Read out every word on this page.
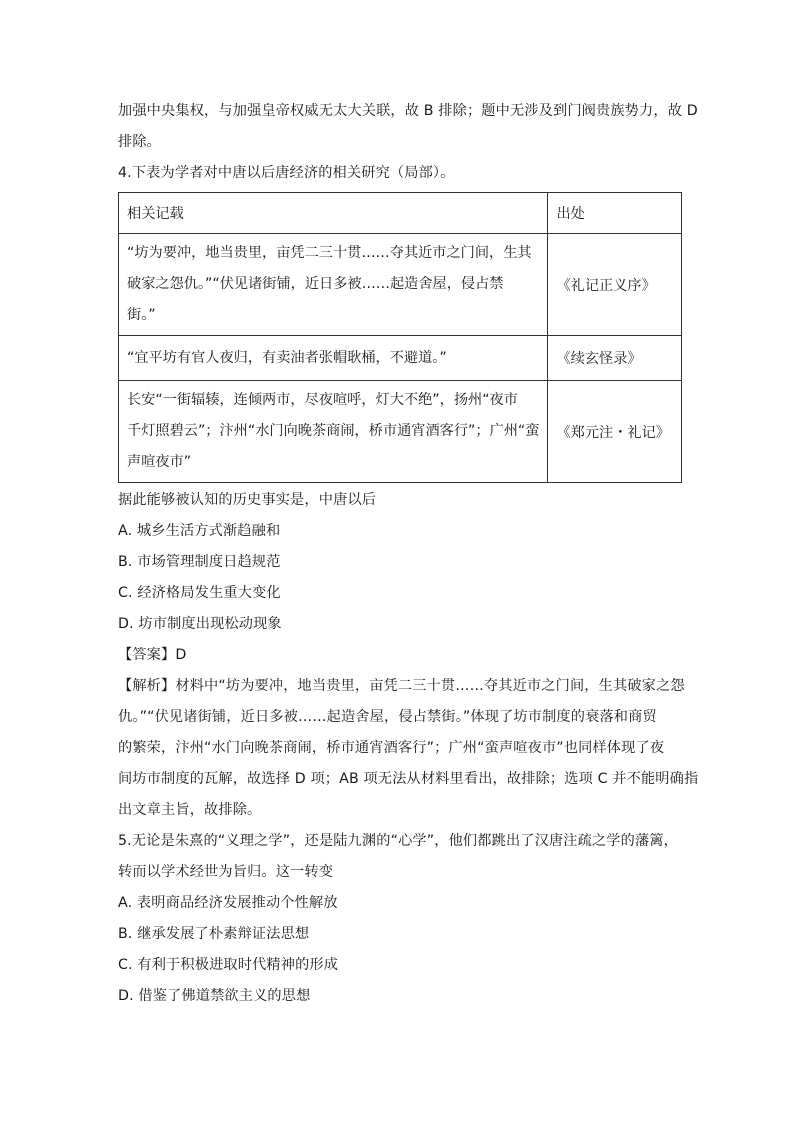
加强中央集权，与加强皇帝权威无太大关联，故 B 排除；题中无涉及到门阀贵族势力，故 D
排除。
4.下表为学者对中唐以后唐经济的相关研究（局部）。
相关记载	出处

“坊为要冲，地当贵里，亩凭二三十贯……夺其近市之门间，生其
破家之怨仇。”“伏见诸街铺，近日多被……起造舍屋，侵占禁
街。”	《礼记正义序》

“宜平坊有官人夜归，有卖油者张帽耿桶，不避道。”	《续玄怪录》

长安“一街辐辏，连倾两市，尽夜喧呼，灯大不绝”，扬州“夜市
千灯照碧云”；汴州“水门向晚茶商闹，桥市通宵酒客行”；广州“蛮
声喧夜市”	《郑元注・礼记》
据此能够被认知的历史事实是，中唐以后
A. 城乡生活方式渐趋融和
B. 市场管理制度日趋规范
C. 经济格局发生重大变化
D. 坊市制度出现松动现象
【答案】D
【解析】材料中“坊为要冲，地当贵里，亩凭二三十贯……夺其近市之门间，生其破家之怨
仇。”“伏见诸街铺，近日多被……起造舍屋，侵占禁街。”体现了坊市制度的衰落和商贸
的繁荣，汴州“水门向晚茶商闹，桥市通宵酒客行”；广州“蛮声喧夜市”也同样体现了夜
间坊市制度的瓦解，故选择 D 项；AB 项无法从材料里看出，故排除；选项 C 并不能明确指
出文章主旨，故排除。
5.无论是朱熹的“义理之学”，还是陆九渊的“心学”，他们都跳出了汉唐注疏之学的藩篱，
转而以学术经世为旨归。这一转变
A. 表明商品经济发展推动个性解放
B. 继承发展了朴素辩证法思想
C. 有利于积极进取时代精神的形成
D. 借鉴了佛道禁欲主义的思想
